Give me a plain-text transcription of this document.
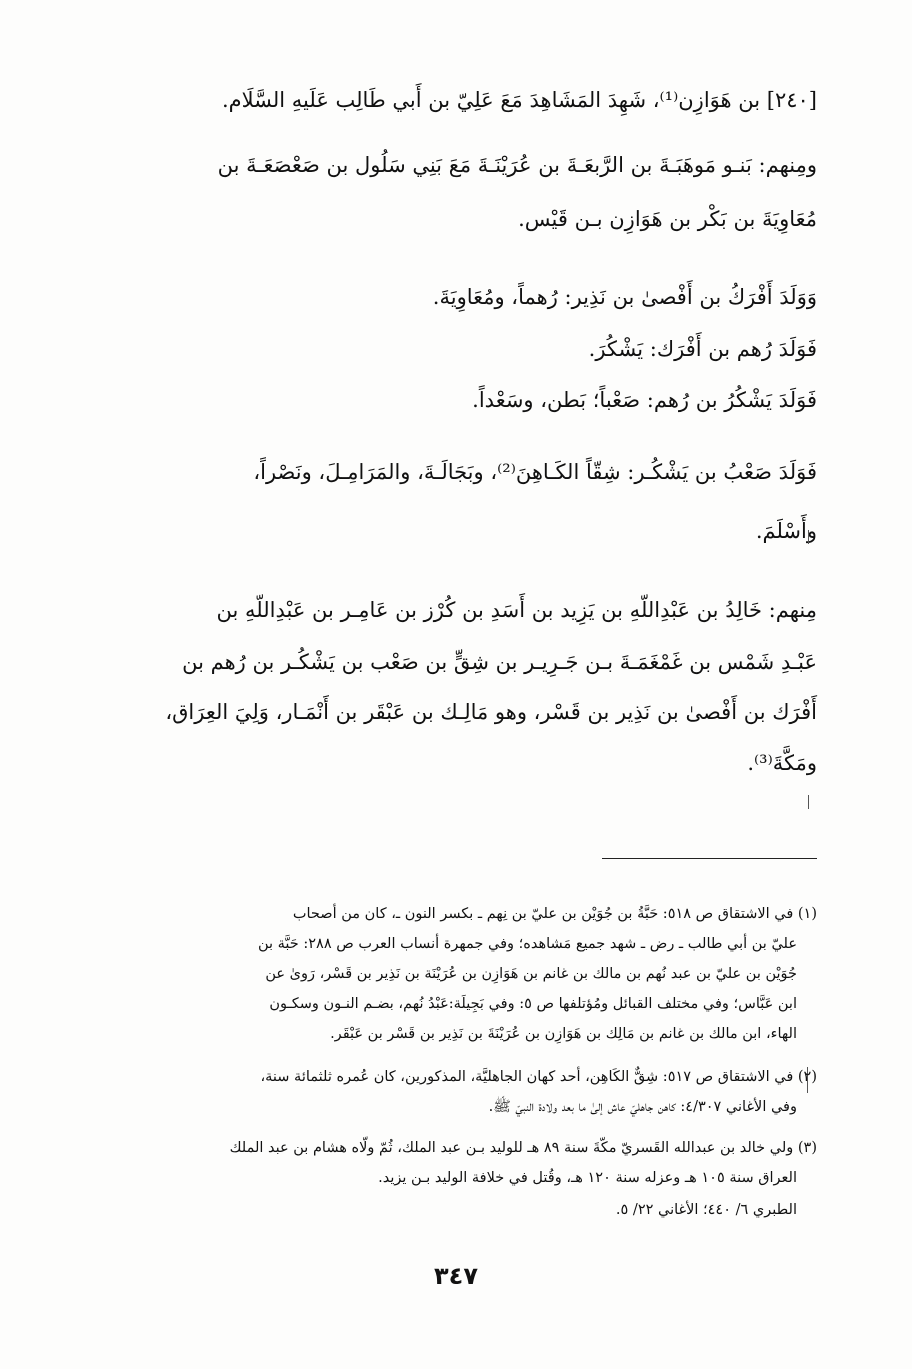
[٢٤٠] بن هَوَازِن⁽¹⁾، شَهِدَ المَشَاهِدَ مَعَ عَلِيّ بن أَبي طَالِب عَلَيهِ السَّلَام.
ومِنهم: بَنـو مَوهَبَـةَ بن الرَّبعَـةَ بن عُرَيْنَـةَ مَعَ بَنِي سَلُول بن صَعْصَعَـةَ بن
مُعَاوِيَةَ بن بَكْر بن هَوَازِن بـن قَيْس.
وَوَلَدَ أَفْرَكُ بن أَفْصىٰ بن نَذِير: رُهماً، ومُعَاوِيَةَ.
فَوَلَدَ رُهم بن أَفْرَك: يَشْكُرَ.
فَوَلَدَ يَشْكُرُ بن رُهم: صَعْباً؛ بَطن، وسَعْداً.
فَوَلَدَ صَعْبُ بن يَشْكُـر: شِقّاً الكَـاهِنَ⁽²⁾، وبَجَالَـةَ، والمَرَامِـلَ، ونَصْراً،
وأَسْلَمَ.
مِنهم: خَالِدُ بن عَبْدِاللّهِ بن يَزِيد بن أَسَدِ بن كُرْز بن عَامِـر بن عَبْدِاللّهِ بن
عَبْـدِ شَمْس بن غَمْغَمَـةَ بـن جَـرِيـر بن شِقٍّ بن صَعْب بن يَشْكُـر بن رُهم بن
أَفْرَك بن أَفْصىٰ بن نَذِير بن قَسْر، وهو مَالِـك بن عَبْقَر بن أَنْمَـار، وَلِيَ العِرَاق،
ومَكَّةَ⁽³⁾.
(١) في الاشتقاق ص ٥١٨: حَبَّةُ بن جُوَيْن بن عليّ بن نِهم ـ بكسر النون ـ، كان من أصحاب
عليّ بن أبي طالب ـ رض ـ شهد جميع مَشاهده؛ وفي جمهرة أنساب العرب ص ٢٨٨: حَبَّة بن
جُوَيْن بن عليّ بن عبد نُهم بن مالك بن غانم بن هَوَازِن بن عُرَيْنَة بن نَذِير بن قَسْر، رَوىٰ عن
ابن عَبَّاس؛ وفي مختلف القبائل ومُؤتلفها ص ٥: وفي بَجِيلَة:عَبْدُ نُهم، بضـم النـون وسكـون
الهاء، ابن مالك بن غانم بن مَالِك بن هَوَازِن بن عُرَيْنَةَ بن نَذِير بن قَسْر بن عَبْقَر.
(٢) في الاشتقاق ص ٥١٧: شِقٌّ الكَاهِن، أحد كهان الجاهليَّة، المذكورين، كان عُمره ثلثمائة سنة،
وفي الأغاني ٤/٣٠٧: كاهن جاهليّ عاش إلىٰ ما بعد ولادة النبيّ ﷺ.
(٣) ولي خالد بن عبدالله القَسريّ مكّةَ سنة ٨٩ هـ للوليد بـن عبد الملك، ثُمّ ولّاه هشام بن عبد الملك
العراق سنة ١٠٥ هـ وعزله سنة ١٢٠ هـ، وقُتل في خلافة الوليد بـن يزيد.
الطبري ٦/ ٤٤٠؛ الأغاني ٢٢/ ٥.
٣٤٧
